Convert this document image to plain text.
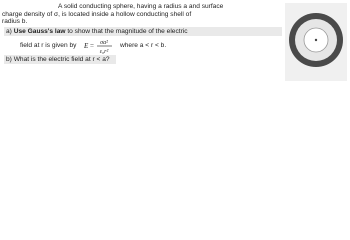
A solid conducting sphere, having a radius a and surface
charge density of σ, is located inside a hollow conducting shell of
radius b.
a) Use Gauss's law to show that the magnitude of the electric
field at r is given by E = σa²
ε₀r²
where a < r < b.
b) What is the electric field at r < a?
